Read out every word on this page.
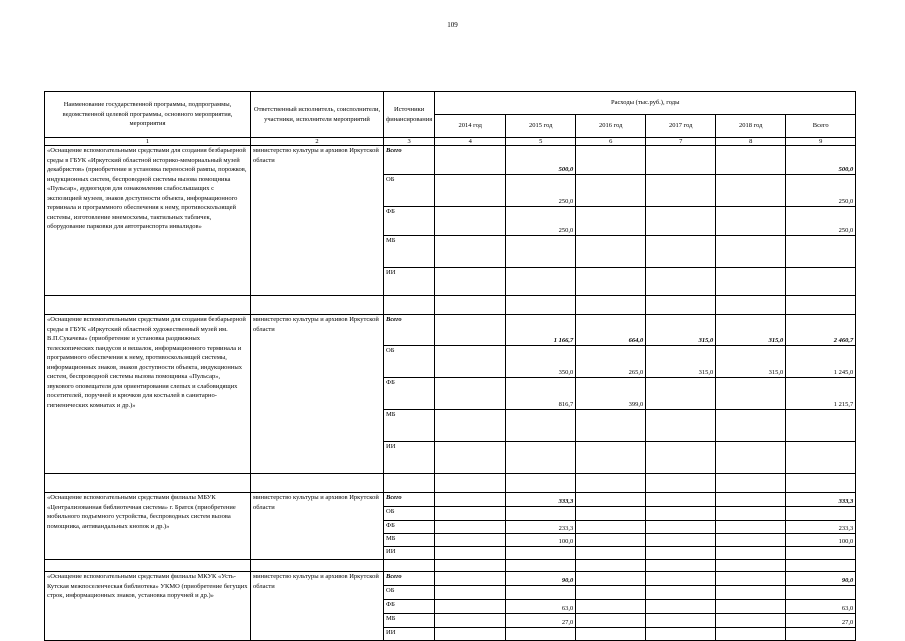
109
Наименование государственной программы, подпрограммы, ведомственной целевой программы, основного мероприятия, мероприятия	Ответственный исполнитель, соисполнители, участники, исполнители мероприятий	Источники финансирования	Расходы (тыс.руб.), годы					
			2014 год	2015 год	2016 год	2017 год	2018 год	Всего
1	2	3	4	5	6	7	8	9
«Оснащение вспомогательными средствами для создания безбарьерной среды в ГБУК «Иркутский областной историко-мемориальный музей декабристов» (приобретение и установка переносной рампы, порожков, индукционных систем, беспроводной системы вызова помощника «Пульсар», аудиогидов для ознакомления слабослышащих с экспозицией музеев, знаков доступности объекта, информационного терминала и программного обеспечения к нему, противоскользящей системы, изготовление мнемосхемы, тактильных табличек, оборудование парковки для автотранспорта инвалидов»	министерство культуры и архивов Иркутской области	Всего		500,0				500,0
		ОБ		250,0				250,0
		ФБ		250,0				250,0
		МБ						
		ИИ						

«Оснащение вспомогательными средствами для создания безбарьерной среды в ГБУК «Иркутский областной художественный музей им. В.П.Сукачева» (приобретение и установка раздвижных телескопических пандусов и вешалок, информационного терминала и программного обеспечения к нему, противоскользящей системы, информационных знаков, знаков доступности объекта, индукционных систем, беспроводной системы вызова помощника «Пульсар», звукового оповещателя для ориентирования слепых и слабовидящих посетителей, поручней и крючков для костылей в санитарно-гигиенических комнатах и др.)»	министерство культуры и архивов Иркутской области	Всего		1 166,7	664,0	315,0	315,0	2 460,7
		ОБ		350,0	265,0	315,0	315,0	1 245,0
		ФБ		816,7	399,0			1 215,7
		МБ						
		ИИ						

«Оснащение вспомогательными средствами филиалы МБУК «Централизованная библиотечная система» г. Братск (приобретение мобильного подъемного устройства, беспроводных систем вызова помощника, антивандальных кнопок и др.)»	министерство культуры и архивов Иркутской области	Всего		333,3				333,3
		ОБ						
		ФБ		233,3				233,3
		МБ		100,0				100,0
		ИИ						

«Оснащение вспомогательными средствами филиалы МКУК «Усть-Кутская межпоселенческая библиотека» УКМО (приобретение бегущих строк, информационных знаков, установка поручней и др.)»	министерство культуры и архивов Иркутской области	Всего		90,0				90,0
		ОБ						
		ФБ		63,0				63,0
		МБ		27,0				27,0
		ИИ						
